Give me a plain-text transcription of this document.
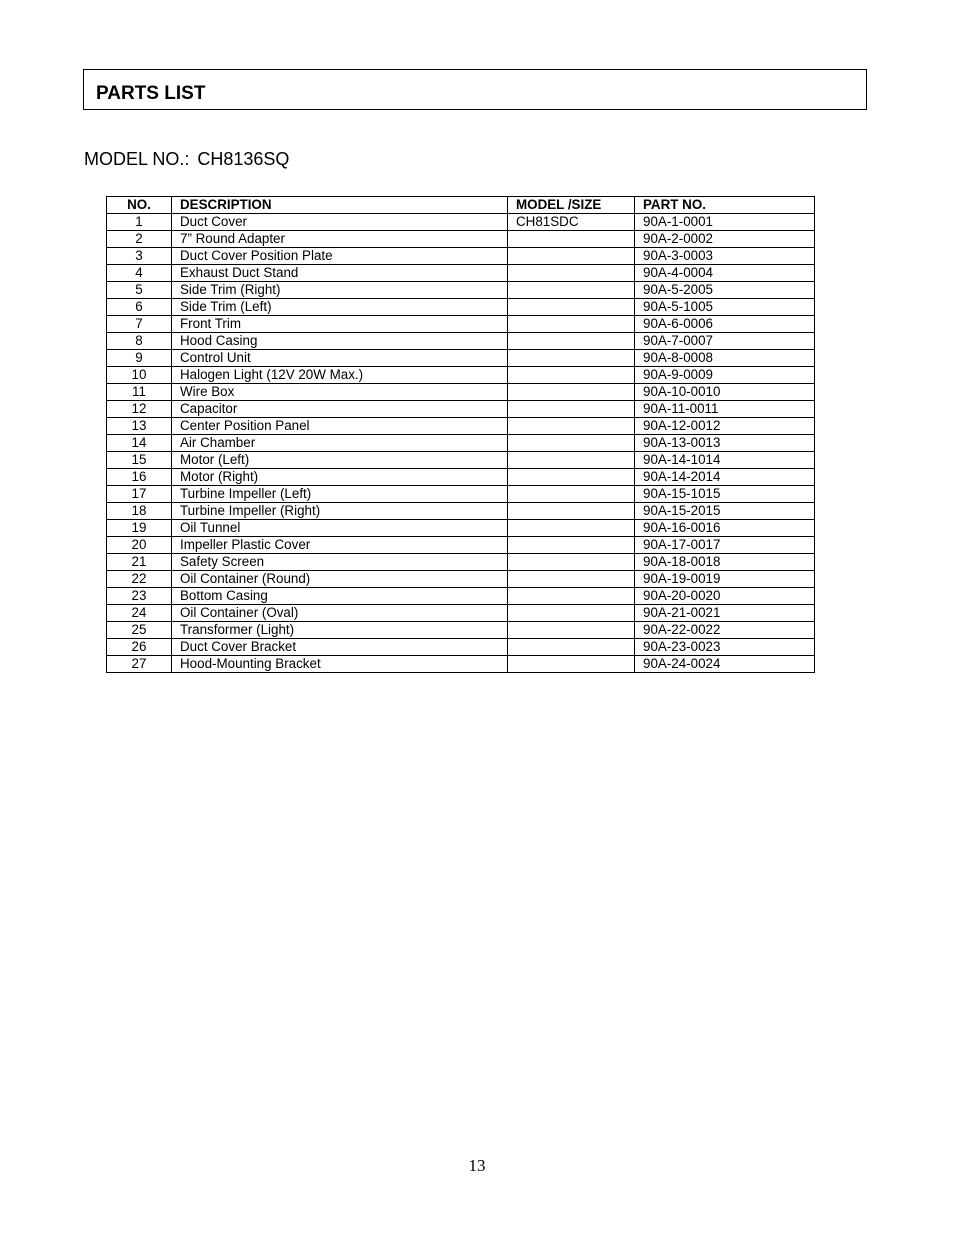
PARTS LIST
MODEL NO.: CH8136SQ
NO.	DESCRIPTION	MODEL /SIZE	PART NO.
1	Duct Cover	CH81SDC	90A-1-0001
2	7” Round Adapter		90A-2-0002
3	Duct Cover Position Plate		90A-3-0003
4	Exhaust Duct Stand		90A-4-0004
5	Side Trim (Right)		90A-5-2005
6	Side Trim (Left)		90A-5-1005
7	Front Trim		90A-6-0006
8	Hood Casing		90A-7-0007
9	Control Unit		90A-8-0008
10	Halogen Light (12V 20W Max.)		90A-9-0009
11	Wire Box		90A-10-0010
12	Capacitor		90A-11-0011
13	Center Position Panel		90A-12-0012
14	Air Chamber		90A-13-0013
15	Motor (Left)		90A-14-1014
16	Motor (Right)		90A-14-2014
17	Turbine Impeller (Left)		90A-15-1015
18	Turbine Impeller (Right)		90A-15-2015
19	Oil Tunnel		90A-16-0016
20	Impeller Plastic Cover		90A-17-0017
21	Safety Screen		90A-18-0018
22	Oil Container (Round)		90A-19-0019
23	Bottom Casing		90A-20-0020
24	Oil Container (Oval)		90A-21-0021
25	Transformer (Light)		90A-22-0022
26	Duct Cover Bracket		90A-23-0023
27	Hood-Mounting Bracket		90A-24-0024
13
